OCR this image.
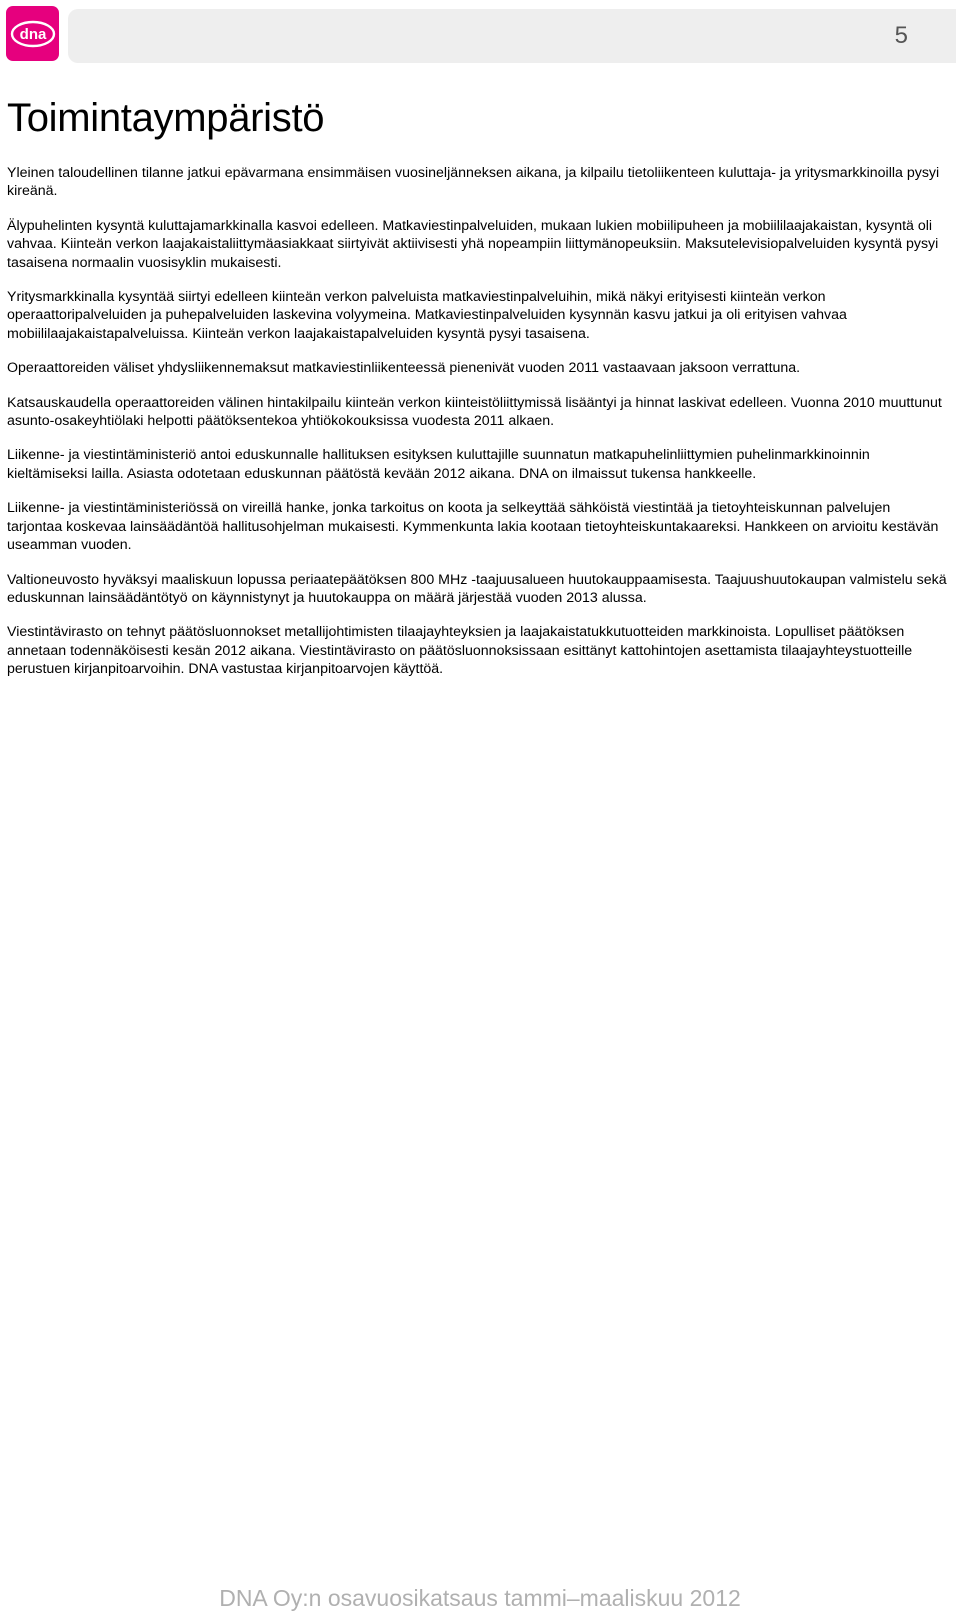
dna	5
Toimintaympäristö

Yleinen taloudellinen tilanne jatkui epävarmana ensimmäisen vuosineljänneksen aikana, ja kilpailu tietoliikenteen kuluttaja- ja yritysmarkkinoilla pysyi kireänä.

Älypuhelinten kysyntä kuluttajamarkkinalla kasvoi edelleen. Matkaviestinpalveluiden, mukaan lukien mobiilipuheen ja mobiililaajakaistan, kysyntä oli vahvaa. Kiinteän verkon laajakaistaliittymäasiakkaat siirtyivät aktiivisesti yhä nopeampiin liittymänopeuksiin. Maksutelevisiopalveluiden kysyntä pysyi tasaisena normaalin vuosisyklin mukaisesti.

Yritysmarkkinalla kysyntää siirtyi edelleen kiinteän verkon palveluista matkaviestinpalveluihin, mikä näkyi erityisesti kiinteän verkon operaattoripalveluiden ja puhepalveluiden laskevina volyymeina. Matkaviestinpalveluiden kysynnän kasvu jatkui ja oli erityisen vahvaa mobiililaajakaistapalveluissa. Kiinteän verkon laajakaistapalveluiden kysyntä pysyi tasaisena.

Operaattoreiden väliset yhdysliikennemaksut matkaviestinliikenteessä pienenivät vuoden 2011 vastaavaan jaksoon verrattuna.

Katsauskaudella operaattoreiden välinen hintakilpailu kiinteän verkon kiinteistöliittymissä lisääntyi ja hinnat laskivat edelleen. Vuonna 2010 muuttunut asunto-osakeyhtiölaki helpotti päätöksentekoa yhtiökokouksissa vuodesta 2011 alkaen.

Liikenne- ja viestintäministeriö antoi eduskunnalle hallituksen esityksen kuluttajille suunnatun matkapuhelinliittymien puhelinmarkkinoinnin kieltämiseksi lailla. Asiasta odotetaan eduskunnan päätöstä kevään 2012 aikana. DNA on ilmaissut tukensa hankkeelle.

Liikenne- ja viestintäministeriössä on vireillä hanke, jonka tarkoitus on koota ja selkeyttää sähköistä viestintää ja tietoyhteiskunnan palvelujen tarjontaa koskevaa lainsäädäntöä hallitusohjelman mukaisesti. Kymmenkunta lakia kootaan tietoyhteiskuntakaareksi. Hankkeen on arvioitu kestävän useamman vuoden.

Valtioneuvosto hyväksyi maaliskuun lopussa periaatepäätöksen 800 MHz -taajuusalueen huutokauppaamisesta. Taajuushuutokaupan valmistelu sekä eduskunnan lainsäädäntötyö on käynnistynyt ja huutokauppa on määrä järjestää vuoden 2013 alussa.

Viestintävirasto on tehnyt päätösluonnokset metallijohtimisten tilaajayhteyksien ja laajakaistatukkutuotteiden markkinoista. Lopulliset päätöksen annetaan todennäköisesti kesän 2012 aikana. Viestintävirasto on päätösluonnoksissaan esittänyt kattohintojen asettamista tilaajayhteystuotteille perustuen kirjanpitoarvoihin. DNA vastustaa kirjanpitoarvojen käyttöä.

DNA Oy:n osavuosikatsaus tammi–maaliskuu 2012
